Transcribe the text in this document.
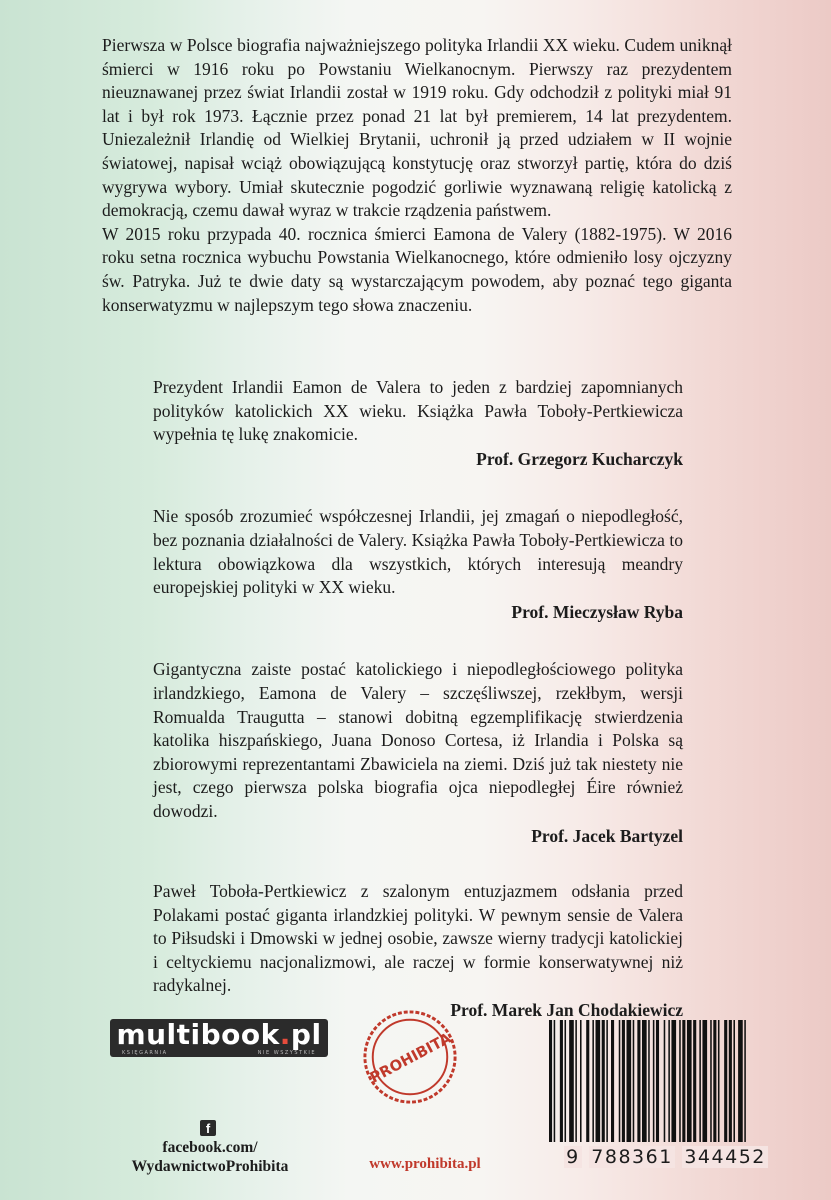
Pierwsza w Polsce biografia najważniejszego polityka Irlandii XX wieku. Cudem uniknął śmierci w 1916 roku po Powstaniu Wielkanocnym. Pierwszy raz prezydentem nieuznawanej przez świat Irlandii został w 1919 roku. Gdy odchodził z polityki miał 91 lat i był rok 1973. Łącznie przez ponad 21 lat był premierem, 14 lat prezydentem. Uniezależnił Irlandię od Wielkiej Brytanii, uchronił ją przed udziałem w II wojnie światowej, napisał wciąż obowiązującą konstytucję oraz stworzył partię, która do dziś wygrywa wybory. Umiał skutecznie pogodzić gorliwie wyznawaną religię katolicką z demokracją, czemu dawał wyraz w trakcie rządzenia państwem.

W 2015 roku przypada 40. rocznica śmierci Eamona de Valery (1882-1975). W 2016 roku setna rocznica wybuchu Powstania Wielkanocnego, które odmieniło losy ojczyzny św. Patryka. Już te dwie daty są wystarczającym powodem, aby poznać tego giganta konserwatyzmu w najlepszym tego słowa znaczeniu.

Prezydent Irlandii Eamon de Valera to jeden z bardziej zapomnianych polityków katolickich XX wieku. Książka Pawła Toboły-Pertkiewicza wypełnia tę lukę znakomicie.

Prof. Grzegorz Kucharczyk

Nie sposób zrozumieć współczesnej Irlandii, jej zmagań o niepodległość, bez poznania działalności de Valery. Książka Pawła Toboły-Pertkiewicza to lektura obowiązkowa dla wszystkich, których interesują meandry europejskiej polityki w XX wieku.

Prof. Mieczysław Ryba

Gigantyczna zaiste postać katolickiego i niepodległościowego polityka irlandzkiego, Eamona de Valery – szczęśliwszej, rzekłbym, wersji Romualda Traugutta – stanowi dobitną egzemplifikację stwierdzenia katolika hiszpańskiego, Juana Donoso Cortesa, iż Irlandia i Polska są zbiorowymi reprezentantami Zbawiciela na ziemi. Dziś już tak niestety nie jest, czego pierwsza polska biografia ojca niepodległej Éire również dowodzi.

Prof. Jacek Bartyzel

Paweł Toboła-Pertkiewicz z szalonym entuzjazmem odsłania przed Polakami postać giganta irlandzkiej polityki. W pewnym sensie de Valera to Piłsudski i Dmowski w jednej osobie, zawsze wierny tradycji katolickiej i celtyckiemu nacjonalizmowi, ale raczej w formie konserwatywnej niż radykalnej.

Prof. Marek Jan Chodakiewicz
multibook.pl
KSIĘGARNIA	NIE WSZYSTKIE
f
facebook.com/
WydawnictwoProhibita
PROHIBITA
www.prohibita.pl	9 788361 344452
